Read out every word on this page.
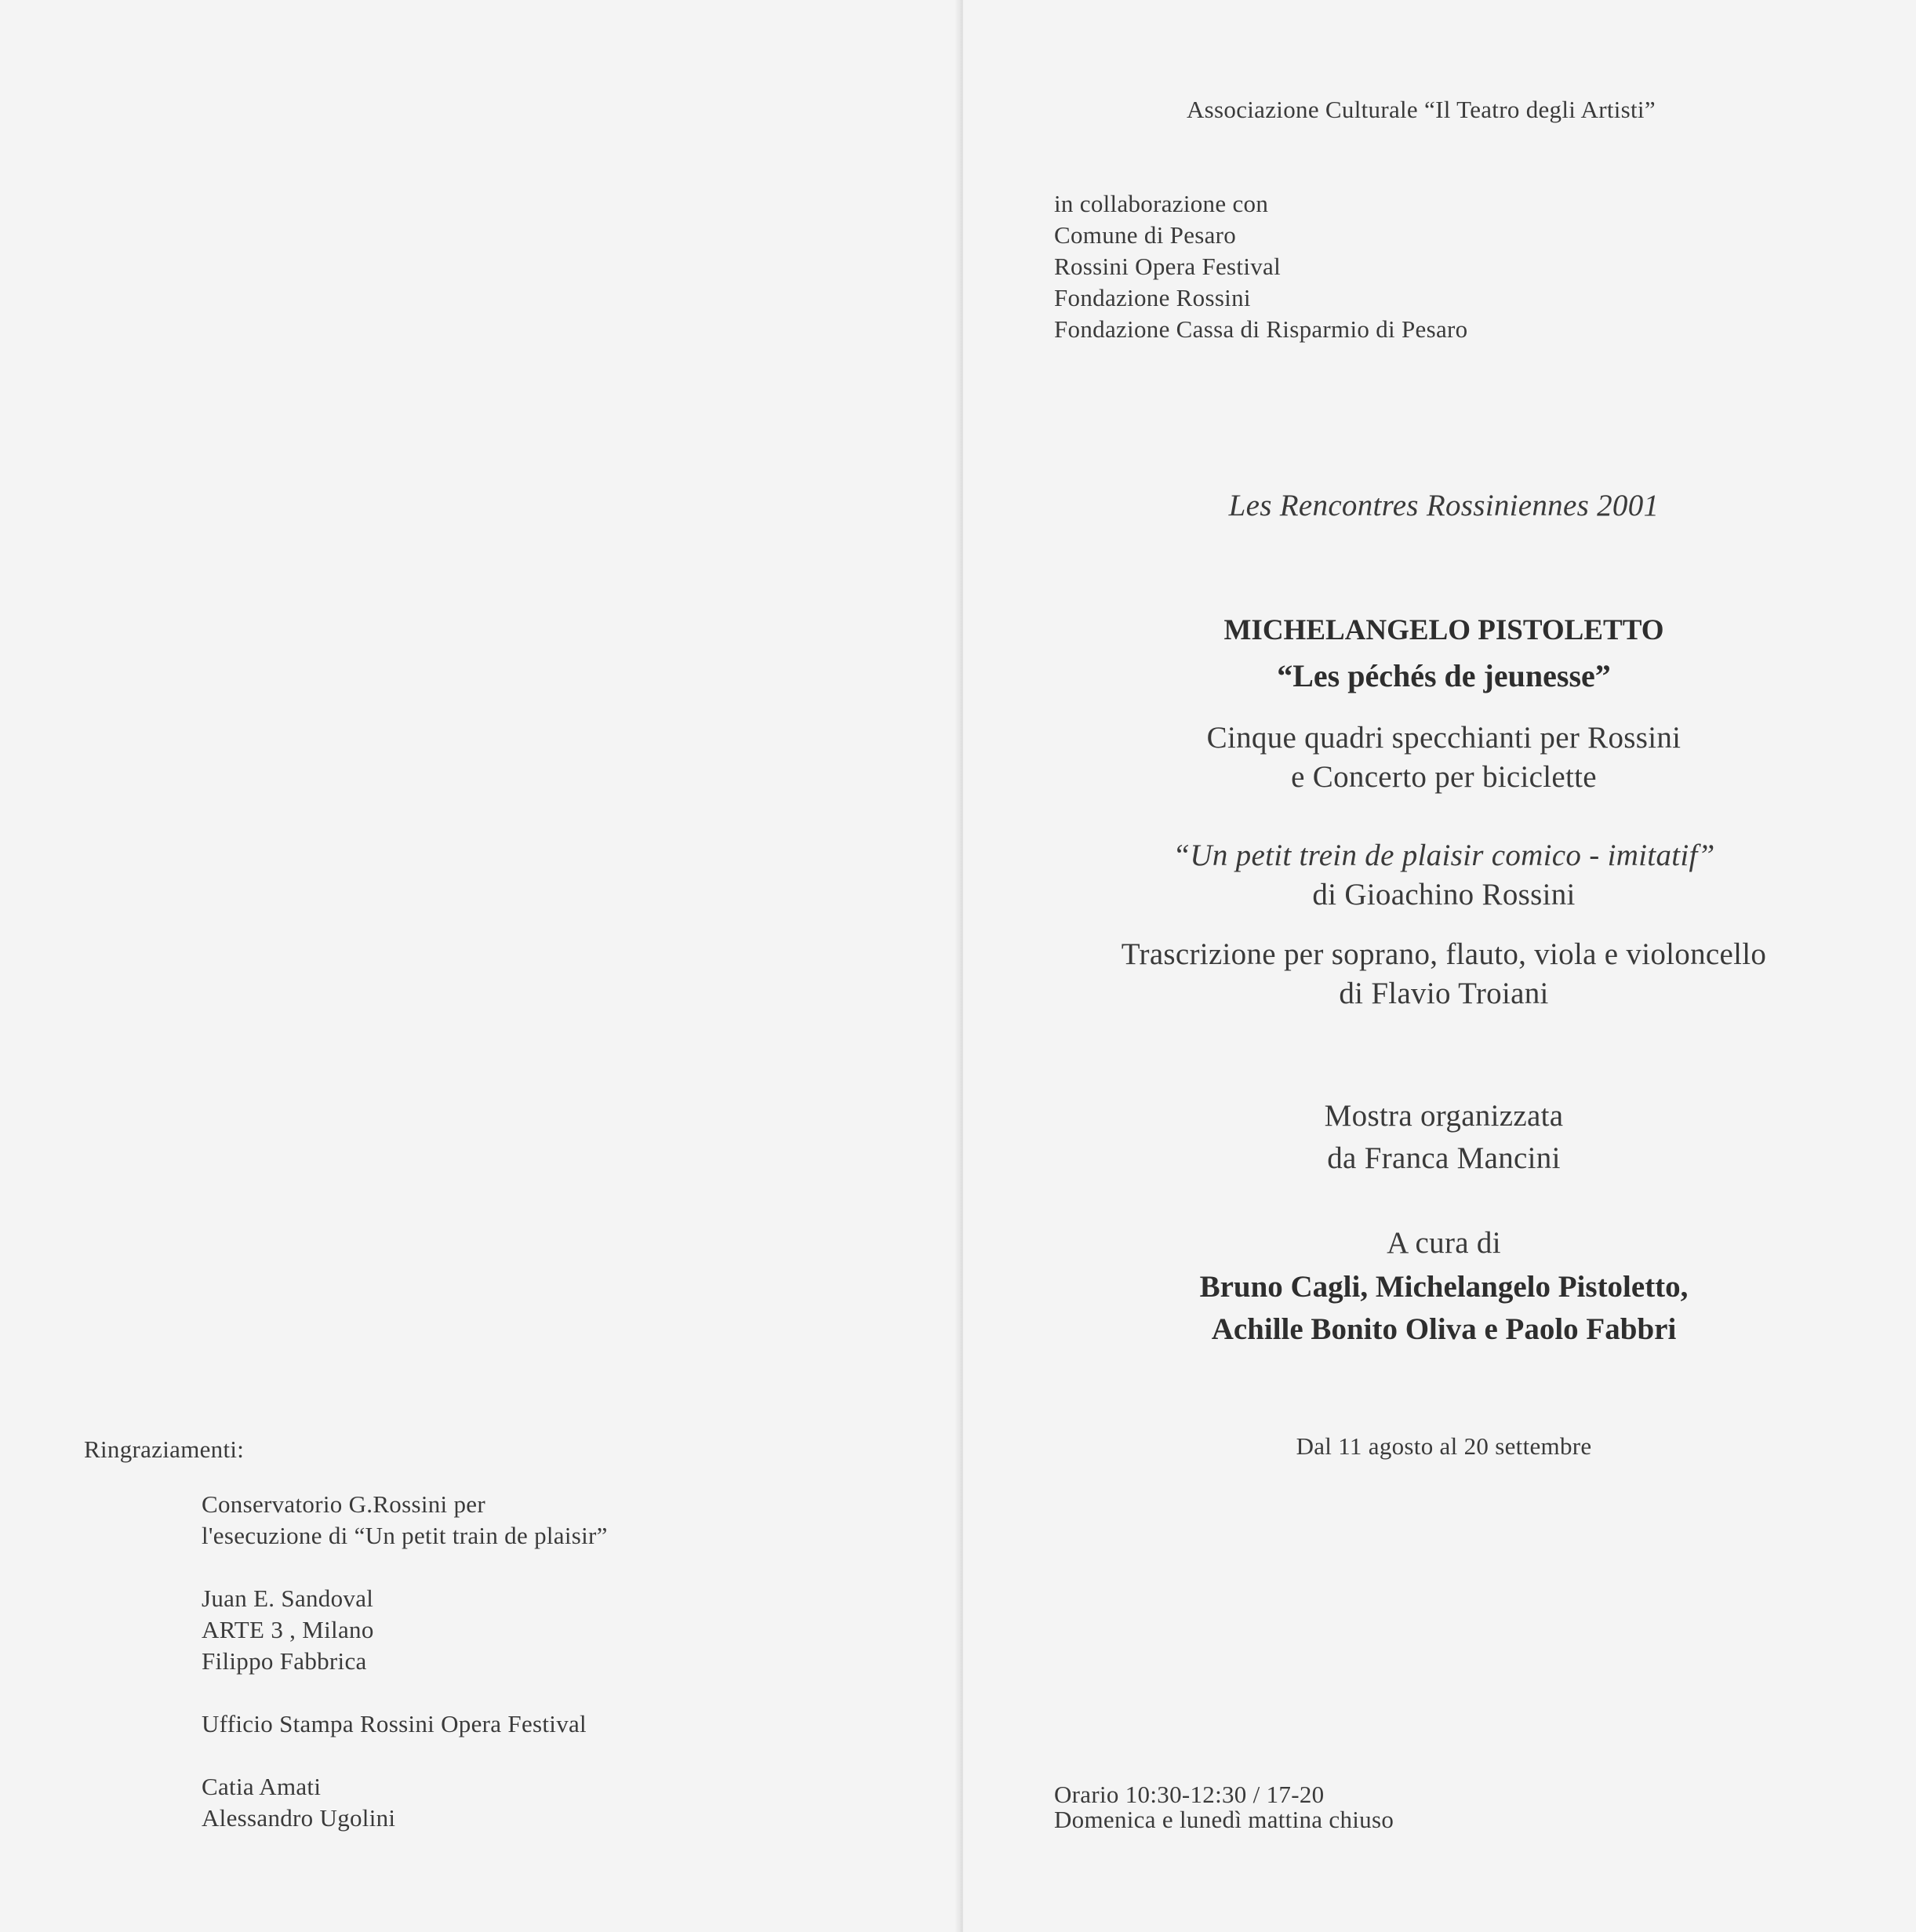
Ringraziamenti:

Conservatorio G.Rossini per

l'esecuzione di “Un petit train de plaisir”

Juan E. Sandoval

ARTE 3 , Milano

Filippo Fabbrica

Ufficio Stampa Rossini Opera Festival

Catia Amati

Alessandro Ugolini

Associazione Culturale “Il Teatro degli Artisti”

in collaborazione con

Comune di Pesaro

Rossini Opera Festival

Fondazione Rossini

Fondazione Cassa di Risparmio di Pesaro

Les Rencontres Rossiniennes 2001

MICHELANGELO PISTOLETTO

“Les péchés de jeunesse”

Cinque quadri specchianti per Rossini

e Concerto per biciclette

“Un petit trein de plaisir comico - imitatif”

di Gioachino Rossini

Trascrizione per soprano, flauto, viola e violoncello

di Flavio Troiani

Mostra organizzata

da Franca Mancini

A cura di

Bruno Cagli, Michelangelo Pistoletto,

Achille Bonito Oliva e Paolo Fabbri

Dal 11 agosto al 20 settembre

Orario 10:30-12:30 / 17-20

Domenica e lunedì mattina chiuso
